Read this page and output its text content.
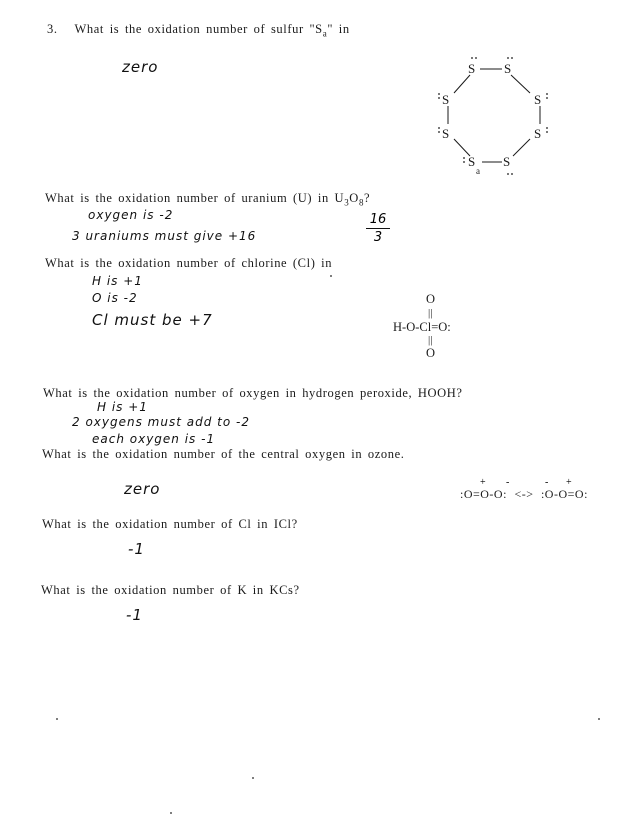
3. What is the oxidation number of sulfur "$S_a$" in
zero	S S
S
S
S
S
S
S
a
What is the oxidation number of uranium (U) in $U_3O_8$?
oxygen is -2
3 uraniums must give +16
16
3
What is the oxidation number of chlorine (Cl) in
H is +1
O is -2
Cl must be +7
O
||
H-O-Cl=O:
||
O
What is the oxidation number of oxygen in hydrogen peroxide, HOOH?
H is +1
2 oxygens must add to -2
each oxygen is -1
What is the oxidation number of the central oxygen in ozone.
zero	:O=O-O: <-> :O-O=O:
+ -	- +
What is the oxidation number of Cl in ICl?
-1
What is the oxidation number of K in KCs?
-1
